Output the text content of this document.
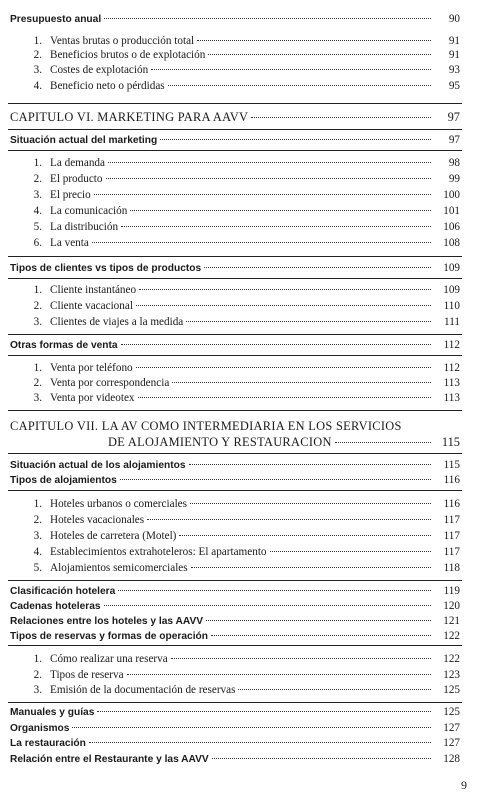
Presupuesto anual	90
1. Ventas brutas o producción total	91
2. Beneficios brutos o de explotación	91
3. Costes de explotación	93
4. Beneficio neto o pérdidas	95
CAPITULO VI. MARKETING PARA AAVV	97
Situación actual del marketing	97
1. La demanda	98
2. El producto	99
3. El precio	100
4. La comunicación	101
5. La distribución	106
6. La venta	108
Tipos de clientes vs tipos de productos	109
1. Cliente instantáneo	109
2. Cliente vacacional	110
3. Clientes de viajes a la medida	111
Otras formas de venta	112
1. Venta por teléfono	112
2. Venta por correspondencia	113
3. Venta por videotex	113
CAPITULO VII. LA AV COMO INTERMEDIARIA EN LOS SERVICIOS
DE ALOJAMIENTO Y RESTAURACION	115
Situación actual de los alojamientos	115
Tipos de alojamientos	116
1. Hoteles urbanos o comerciales	116
2. Hoteles vacacionales	117
3. Hoteles de carretera (Motel)	117
4. Establecimientos extrahoteleros: El apartamento	117
5. Alojamientos semicomerciales	118
Clasificación hotelera	119
Cadenas hoteleras	120
Relaciones entre los hoteles y las AAVV	121
Tipos de reservas y formas de operación	122
1. Cómo realizar una reserva	122
2. Tipos de reserva	123
3. Emisión de la documentación de reservas	125
Manuales y guías	125
Organismos	127
La restauración	127
Relación entre el Restaurante y las AAVV	128
9
